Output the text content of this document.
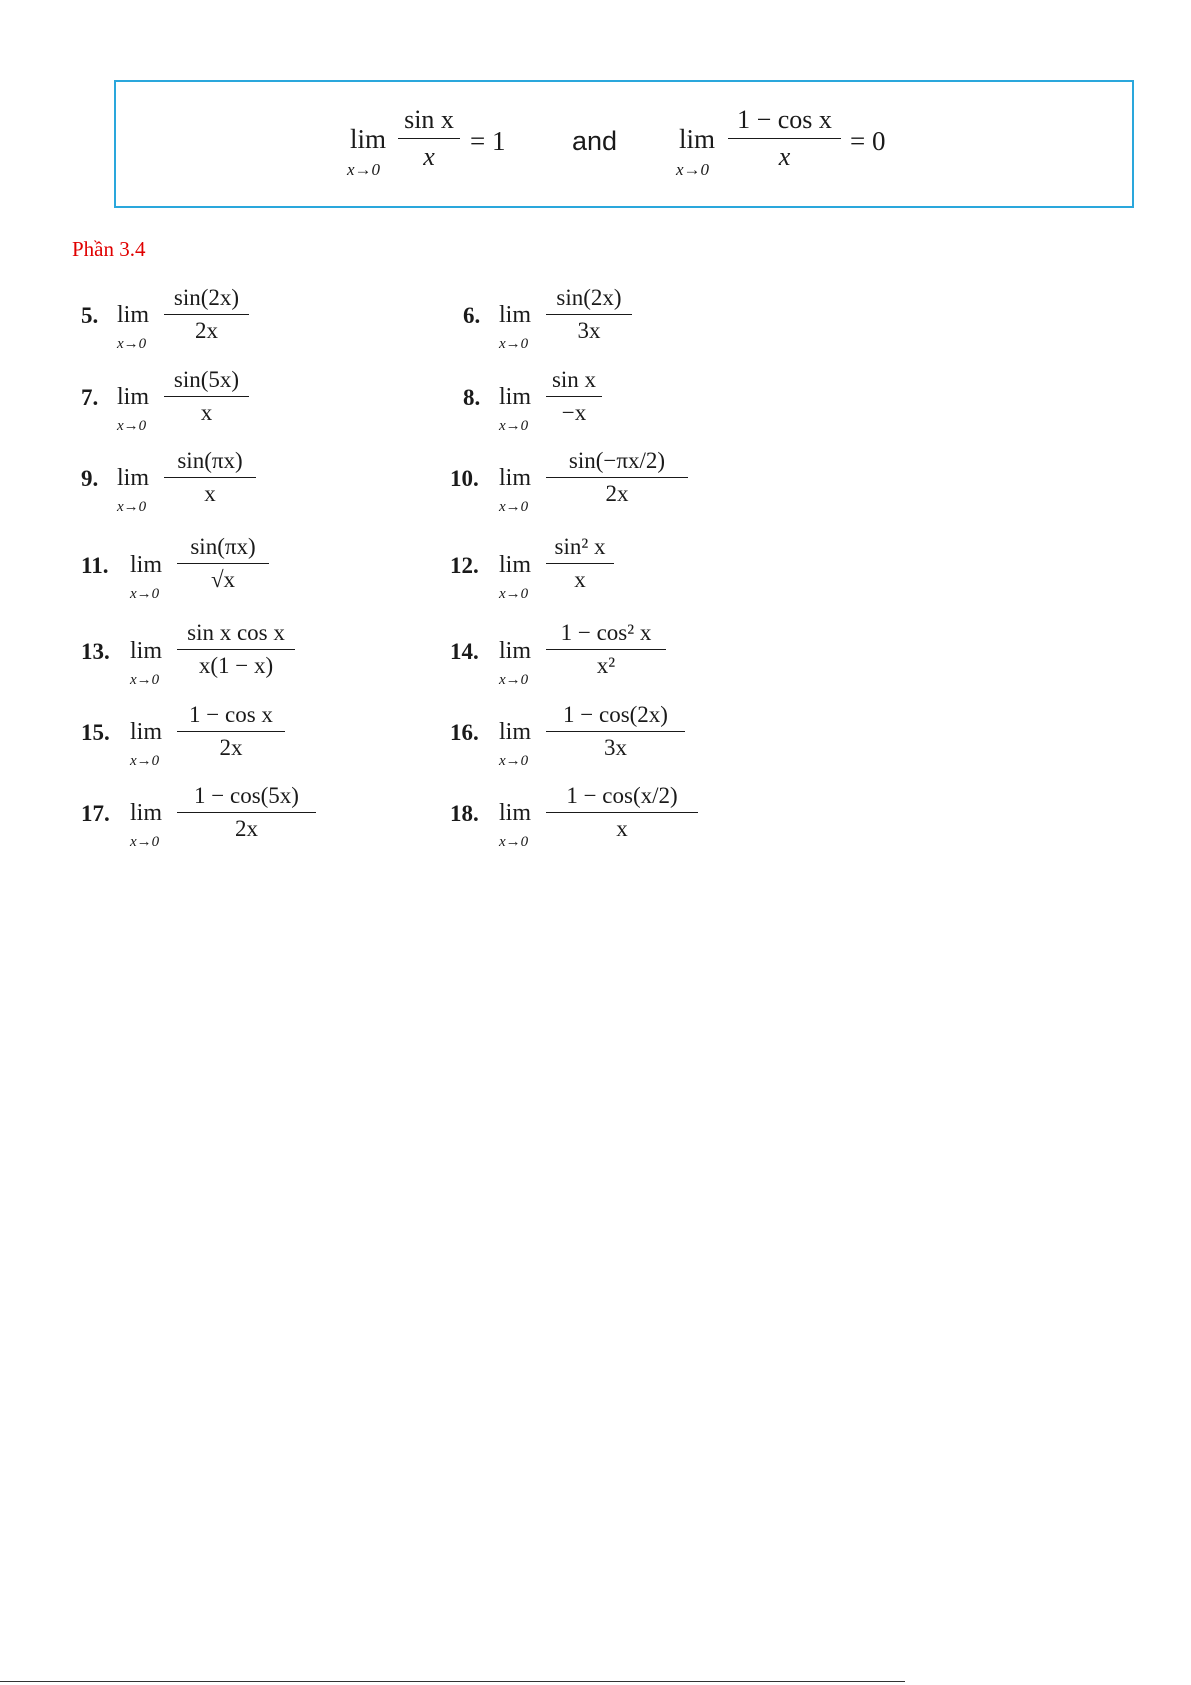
lim
x→0
sin x
x
= 1 and lim
x→0
1 − cos x
x
= 0
Phần 3.4
5. lim
x→0
sin(2x)
2x
7. lim
x→0
sin(5x)
x
9. lim
x→0
sin(πx)
x
11. lim
x→0
sin(πx)
√x
13. lim
x→0
sin x cos x
x(1 − x)
15. lim
x→0
1 − cos x
2x
17. lim
x→0
1 − cos(5x)
2x
6. lim
x→0
sin(2x)
3x
8. lim
x→0
sin x
−x
10. lim
x→0
sin(−πx/2)
2x
12. lim
x→0
sin² x
x
14. lim
x→0
1 − cos² x
x²
16. lim
x→0
1 − cos(2x)
3x
18. lim
x→0
1 − cos(x/2)
x
